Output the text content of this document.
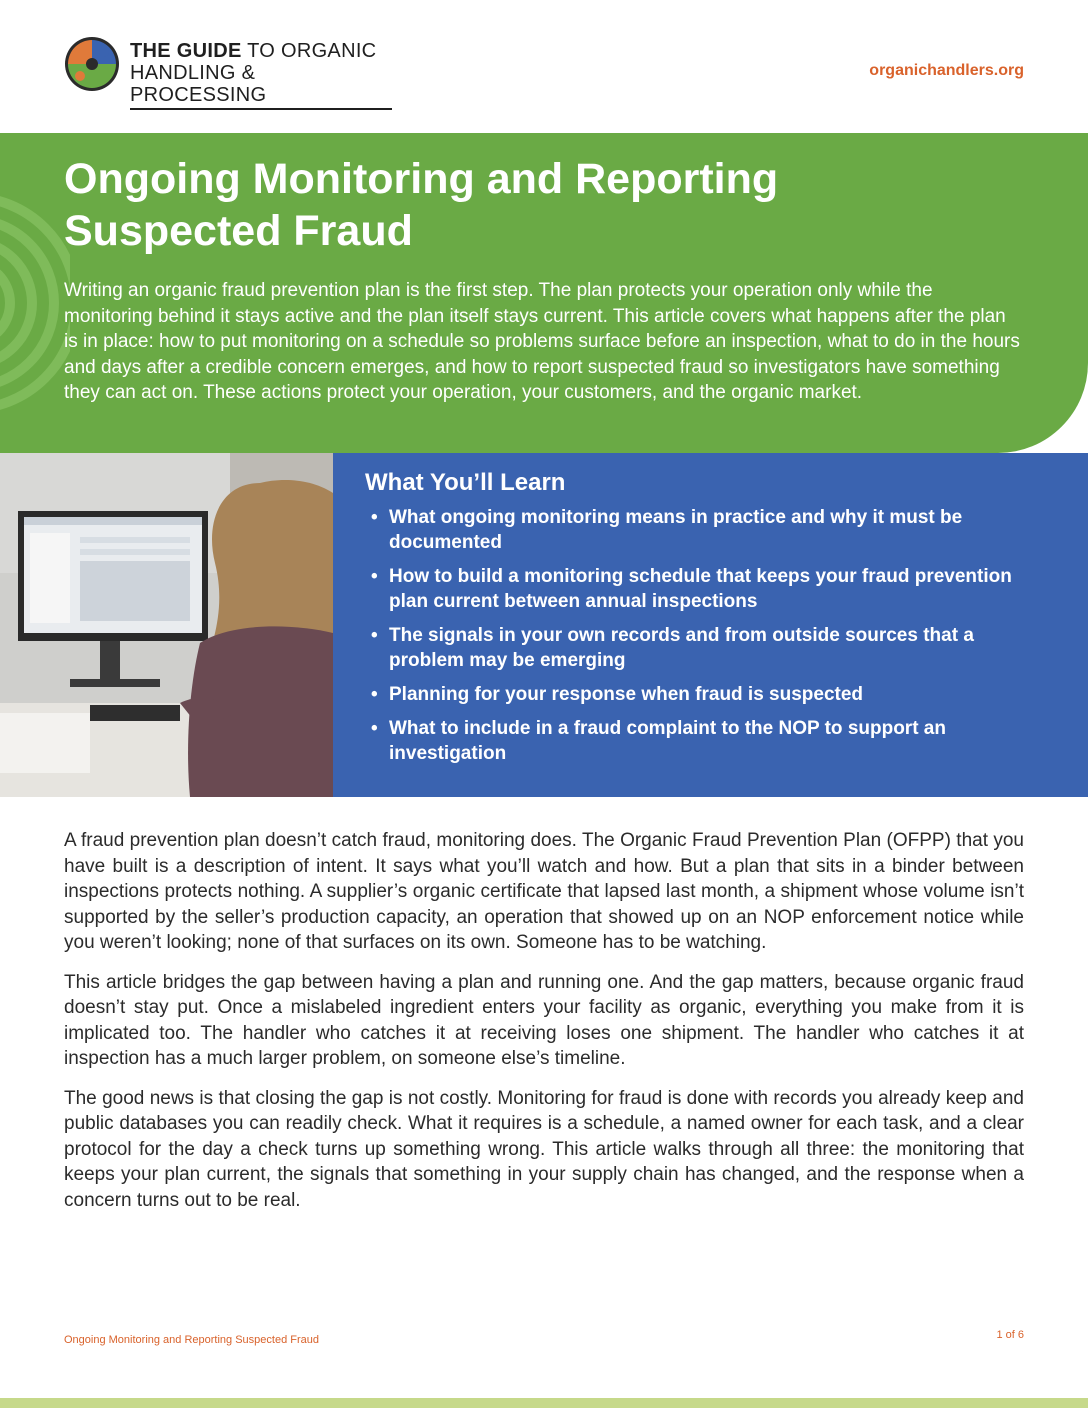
THE GUIDE TO ORGANIC
HANDLING & PROCESSING
organichandlers.org
Ongoing Monitoring and Reporting
Suspected Fraud

Writing an organic fraud prevention plan is the first step. The plan protects your operation only while the monitoring behind it stays active and the plan itself stays current. This article covers what happens after the plan is in place: how to put monitoring on a schedule so problems surface before an inspection, what to do in the hours and days after a credible concern emerges, and how to report suspected fraud so investigators have something they can act on. These actions protect your operation, your customers, and the organic market.

What You’ll Learn
• What ongoing monitoring means in practice and why it must be documented
• How to build a monitoring schedule that keeps your fraud prevention plan current between annual inspections
• The signals in your own records and from outside sources that a problem may be emerging
• Planning for your response when fraud is suspected
• What to include in a fraud complaint to the NOP to support an investigation

A fraud prevention plan doesn’t catch fraud, monitoring does. The Organic Fraud Prevention Plan (OFPP) that you have built is a description of intent. It says what you’ll watch and how. But a plan that sits in a binder between inspections protects nothing. A supplier’s organic certificate that lapsed last month, a shipment whose volume isn’t supported by the seller’s production capacity, an operation that showed up on an NOP enforcement notice while you weren’t looking; none of that surfaces on its own. Someone has to be watching.

This article bridges the gap between having a plan and running one. And the gap matters, because organic fraud doesn’t stay put. Once a mislabeled ingredient enters your facility as organic, everything you make from it is implicated too. The handler who catches it at receiving loses one shipment. The handler who catches it at inspection has a much larger problem, on someone else’s timeline.

The good news is that closing the gap is not costly. Monitoring for fraud is done with records you already keep and public databases you can readily check. What it requires is a schedule, a named owner for each task, and a clear protocol for the day a check turns up something wrong. This article walks through all three: the monitoring that keeps your plan current, the signals that something in your supply chain has changed, and the response when a concern turns out to be real.

Ongoing Monitoring and Reporting Suspected Fraud	1 of 6
